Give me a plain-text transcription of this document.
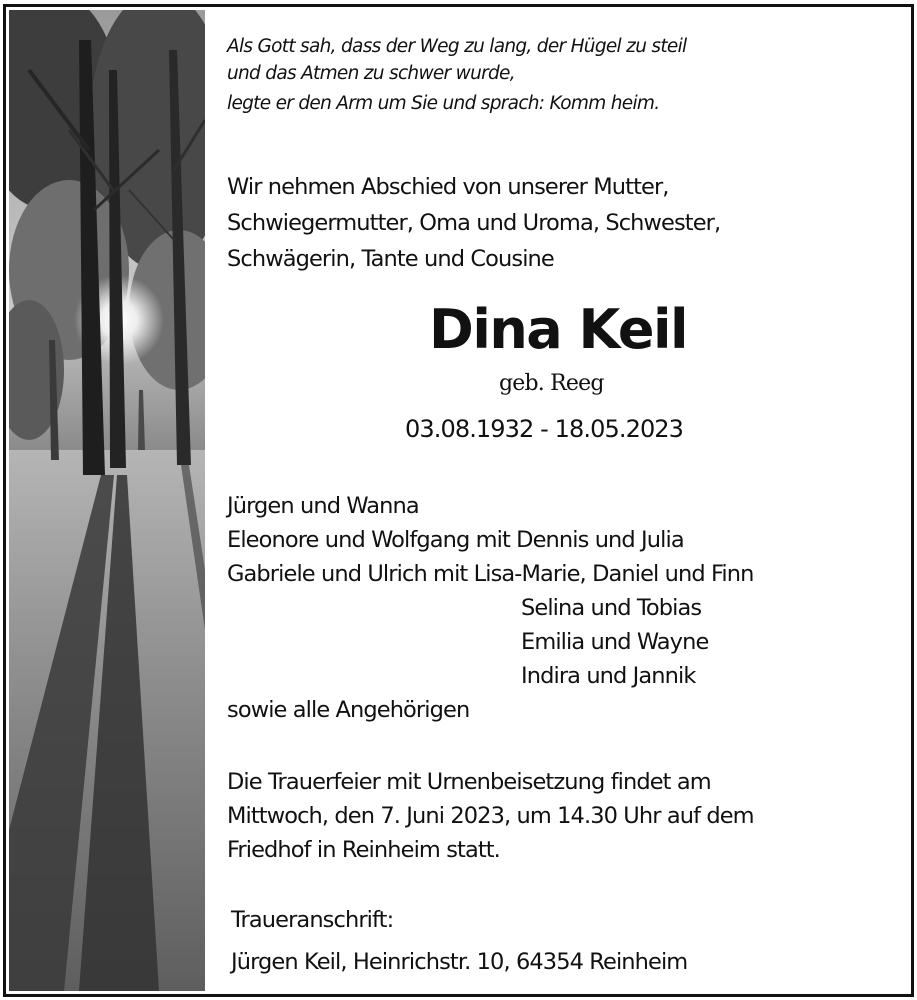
Als Gott sah, dass der Weg zu lang, der Hügel zu steil
und das Atmen zu schwer wurde,
legte er den Arm um Sie und sprach: Komm heim.
Wir nehmen Abschied von unserer Mutter,
Schwiegermutter, Oma und Uroma, Schwester,
Schwägerin, Tante und Cousine
Dina Keil
geb. Reeg
03.08.1932 - 18.05.2023
Jürgen und Wanna
Eleonore und Wolfgang mit Dennis und Julia
Gabriele und Ulrich mit Lisa-Marie, Daniel und Finn
Selina und Tobias
Emilia und Wayne
Indira und Jannik
sowie alle Angehörigen
Die Trauerfeier mit Urnenbeisetzung findet am
Mittwoch, den 7. Juni 2023, um 14.30 Uhr auf dem
Friedhof in Reinheim statt.
Traueranschrift:
Jürgen Keil, Heinrichstr. 10, 64354 Reinheim
